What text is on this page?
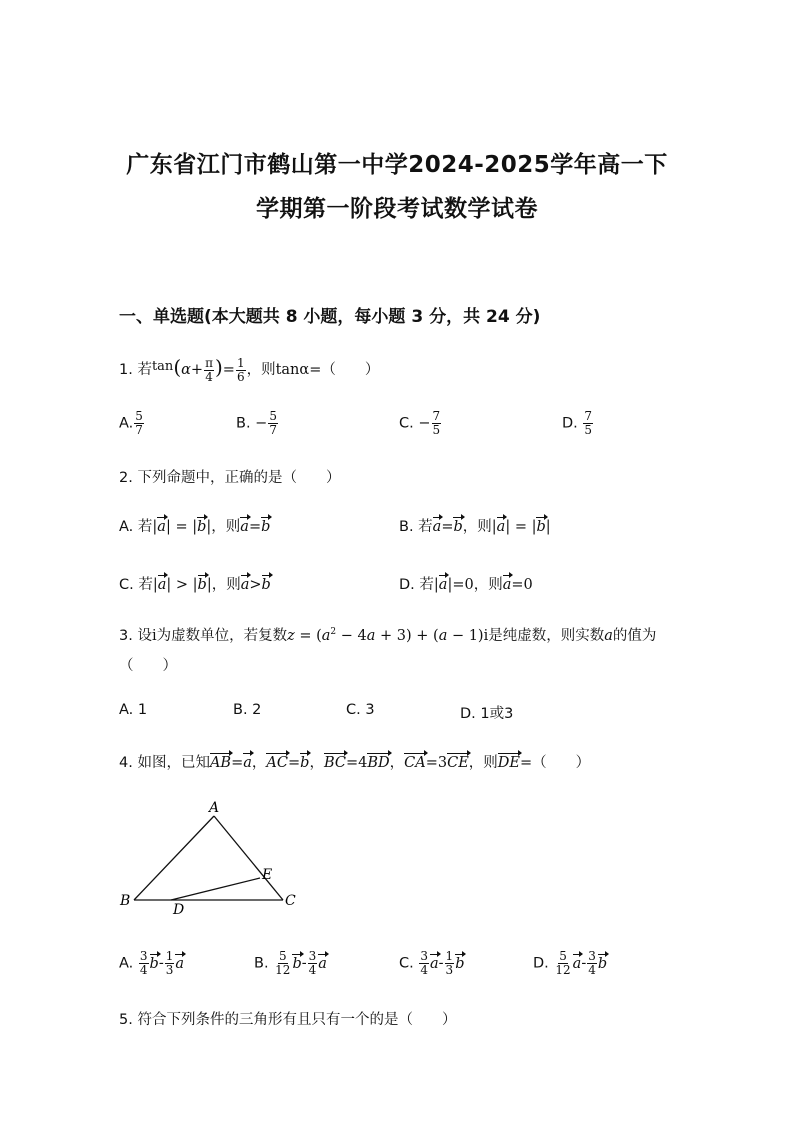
广东省江门市鹤山第一中学2024-2025学年高一下
学期第一阶段考试数学试卷
一、单选题(本大题共 8 小题，每小题 3 分，共 24 分)
1. 若$\tan(\alpha+ \frac{\pi}{4}$ )= $\frac{1}{6}$ ，则tanα=（　　）
A. $\frac{5}{7}$	B. − $\frac{5}{7}$	C. − $\frac{7}{5}$	D. $\frac{7}{5}$
2. 下列命题中，正确的是（　　）
A. 若|a| = |b|，则a=b	B. 若a=b，则|a| = |b|
C. 若|a| > |b|，则a>b	D. 若|a|=0，则a=0
3. 设i为虚数单位，若复数$z = (a^2 - 4a + 3) + (a - 1)i$是纯虚数，则实数a的值为
（　　）
A. 1	B. 2	C. 3	D. 1或3
4. 如图，已知AB=a，AC=b，BC=4BD，CA=3CE，则DE=（　　）
A
B	C
D
E
A. $\frac{3}{4} b- \frac{1}{3}$ a	B. $\frac{5}{12} b- \frac{3}{4}$ a	C. $\frac{3}{4} a- \frac{1}{3}$ b	D. $\frac{5}{12} a- \frac{3}{4}$ b
5. 符合下列条件的三角形有且只有一个的是（　　）
